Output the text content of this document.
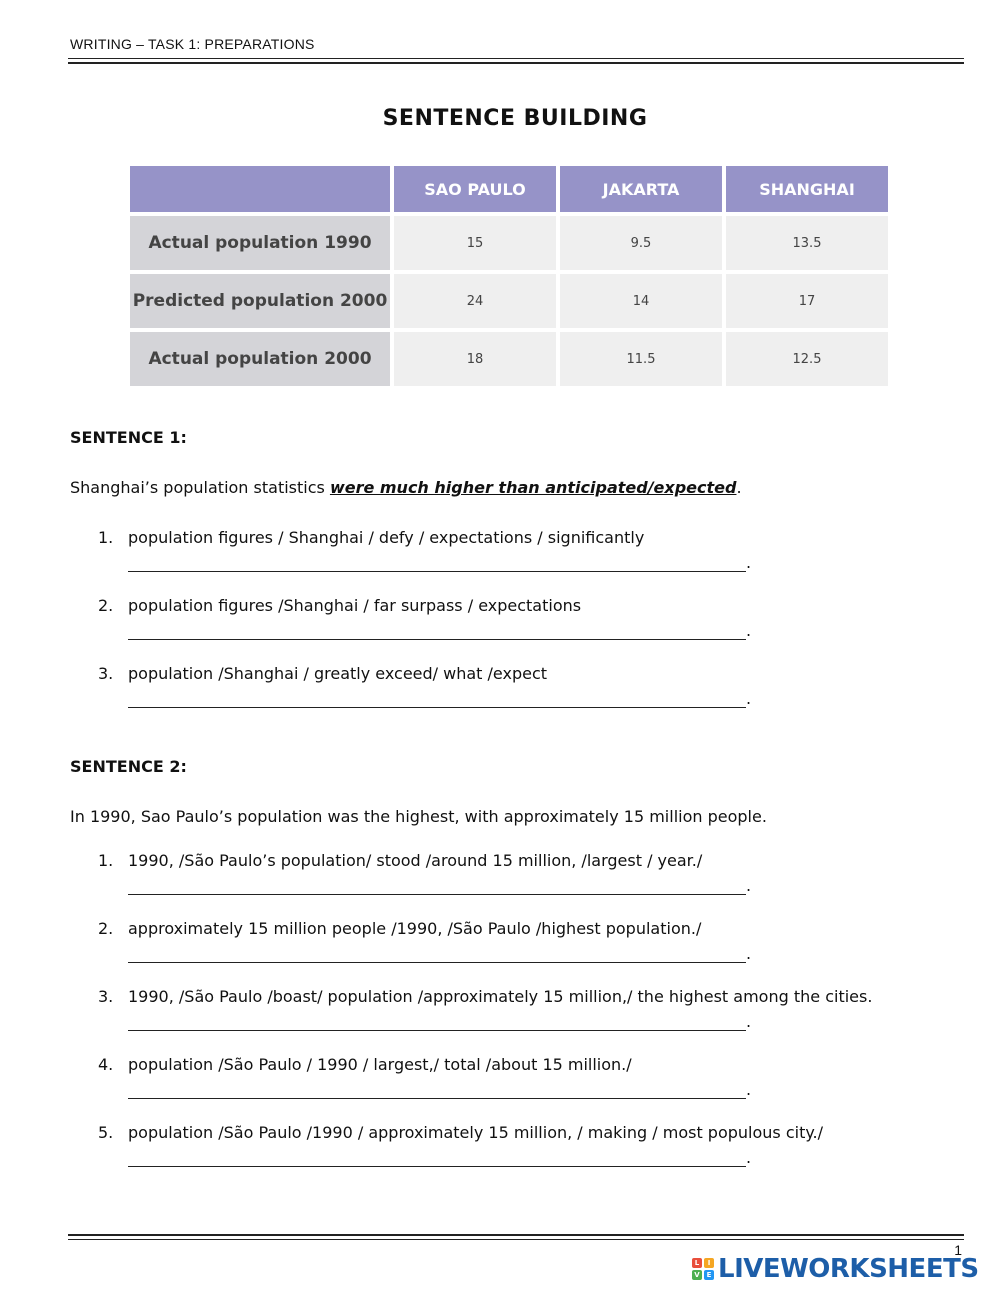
WRITING – TASK 1: PREPARATIONS
SENTENCE BUILDING
	SAO PAULO	JAKARTA	SHANGHAI
Actual population 1990	15	9.5	13.5
Predicted population 2000	24	14	17
Actual population 2000	18	11.5	12.5
SENTENCE 1:
Shanghai’s population statistics were much higher than anticipated/expected.
1. population figures / Shanghai / defy / expectations / significantly
.
2. population figures /Shanghai / far surpass / expectations
.
3. population /Shanghai / greatly exceed/ what /expect
.
SENTENCE 2:
In 1990, Sao Paulo’s population was the highest, with approximately 15 million people.
1. 1990, /São Paulo’s population/ stood /around 15 million, /largest / year./
.
2. approximately 15 million people /1990, /São Paulo /highest population./
.
3. 1990, /São Paulo /boast/ population /approximately 15 million,/ the highest among the cities.
.
4. population /São Paulo / 1990 / largest,/ total /about 15 million./
.
5. population /São Paulo /1990 / approximately 15 million, / making / most populous city./
.
1
L	I
V E LIVEWORKSHEETS
